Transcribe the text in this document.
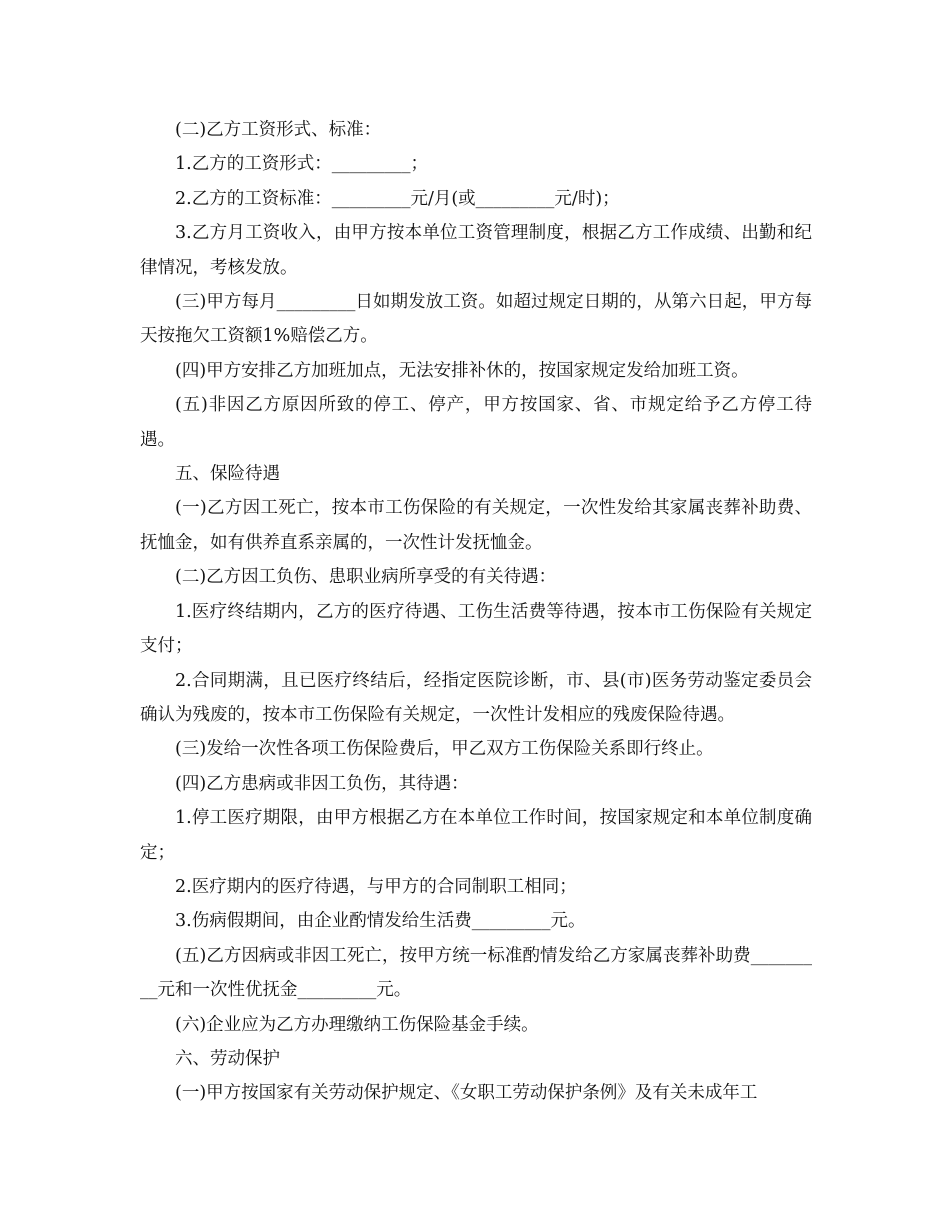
(二)乙方工资形式、标准：

1.乙方的工资形式：_________；

2.乙方的工资标准：_________元/月(或_________元/时)；

3.乙方月工资收入，由甲方按本单位工资管理制度，根据乙方工作成绩、出勤和纪律情况，考核发放。

(三)甲方每月_________日如期发放工资。如超过规定日期的，从第六日起，甲方每天按拖欠工资额1%赔偿乙方。

(四)甲方安排乙方加班加点，无法安排补休的，按国家规定发给加班工资。

(五)非因乙方原因所致的停工、停产，甲方按国家、省、市规定给予乙方停工待遇。

五、保险待遇

(一)乙方因工死亡，按本市工伤保险的有关规定，一次性发给其家属丧葬补助费、抚恤金，如有供养直系亲属的，一次性计发抚恤金。

(二)乙方因工负伤、患职业病所享受的有关待遇：

1.医疗终结期内，乙方的医疗待遇、工伤生活费等待遇，按本市工伤保险有关规定支付；

2.合同期满，且已医疗终结后，经指定医院诊断，市、县(市)医务劳动鉴定委员会确认为残废的，按本市工伤保险有关规定，一次性计发相应的残废保险待遇。

(三)发给一次性各项工伤保险费后，甲乙双方工伤保险关系即行终止。

(四)乙方患病或非因工负伤，其待遇：

1.停工医疗期限，由甲方根据乙方在本单位工作时间，按国家规定和本单位制度确定；

2.医疗期内的医疗待遇，与甲方的合同制职工相同；

3.伤病假期间，由企业酌情发给生活费_________元。

(五)乙方因病或非因工死亡，按甲方统一标准酌情发给乙方家属丧葬补助费_________元和一次性优抚金_________元。

(六)企业应为乙方办理缴纳工伤保险基金手续。

六、劳动保护

(一)甲方按国家有关劳动保护规定、《女职工劳动保护条例》及有关未成年工
